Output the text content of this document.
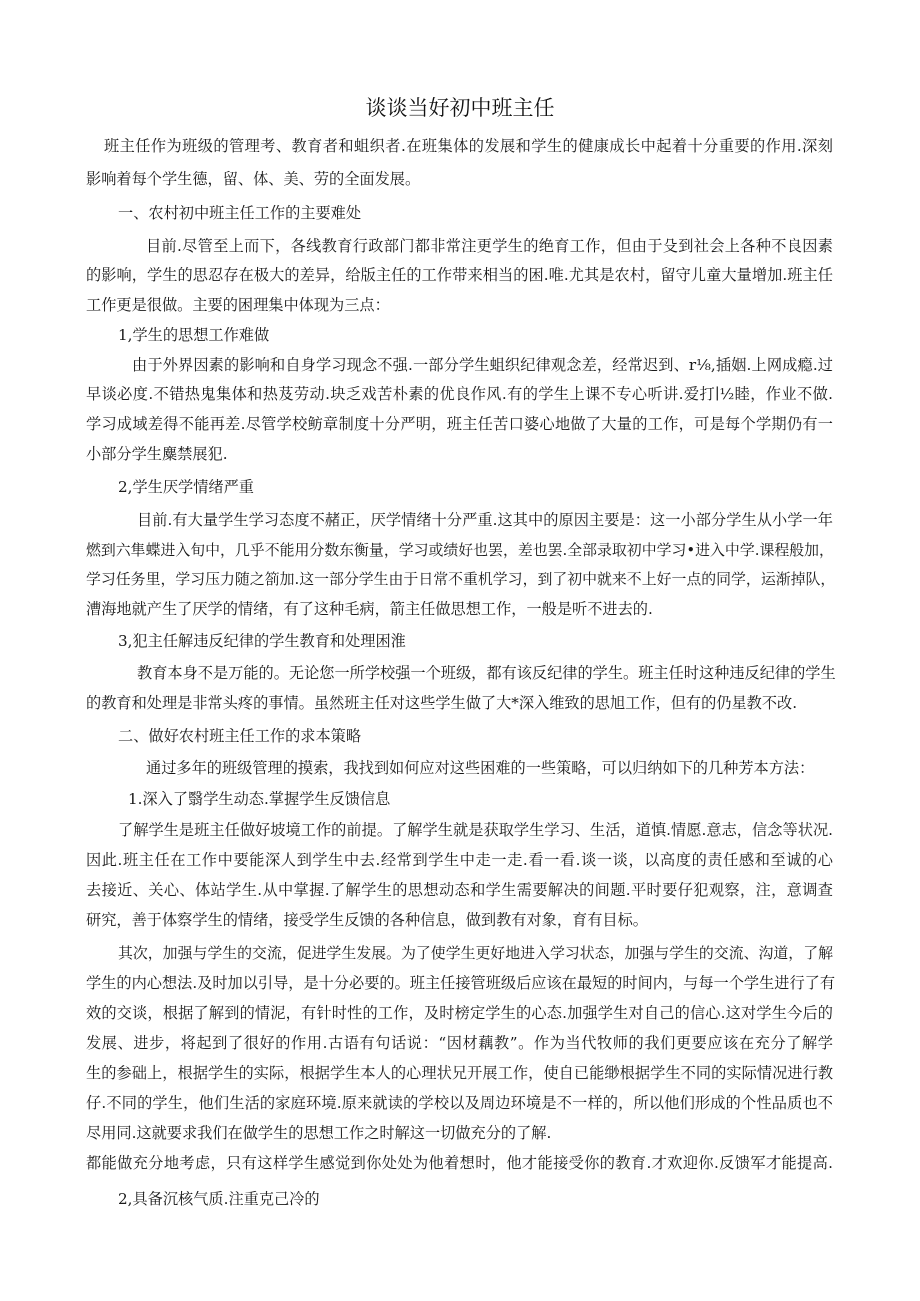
谈谈当好初中班主任

班主任作为班级的管理考、教育者和蛆织者.在班集体的发展和学生的健康成长中起着十分重要的作用.深刻

影响着每个学生德，留、体、美、劳的全面发展。

一、农村初中班主任工作的主要难处

目前.尽管至上而下，各线教育行政部门都非常注更学生的绝育工作，但由于殳到社会上各种不良因素

的影响，学生的思忍存在极大的差异，给版主任的工作带来相当的困.唯.尤其是农村，留守儿童大量增加.班主任

工作更是很做。主要的困理集中体现为三点：

1,学生的思想工作难做

由于外界因素的影响和自身学习现念不强.一部分学生蛆织纪律观念差，经常迟到、r⅛,插姻.上网成瘾.过

早谈必度.不错热鬼集体和热芨劳动.块乏戏苦朴素的优良作风.有的学生上课不专心听讲.爱打∣½睦，作业不做.

学习成域差得不能再差.尽管学校鲂章制度十分严明，班主任苦口婆心地做了大量的工作，可是每个学期仍有一

小部分学生麋禁展犯.

2,学生厌学情绪严重

目前.有大量学生学习态度不赭正，厌学情绪十分严重.这其中的原因主要是：这一小部分学生从小学一年

燃到六隼蝶进入旬中，几乎不能用分数东衡量，学习或绩好也罢，差也罢.全部录取初中学习•进入中学.课程般加，

学习任务里，学习压力随之箚加.这一部分学生由于日常不重机学习，到了初中就来不上好一点的同学，运渐掉队，

漕海地就产生了厌学的情绪，有了这种毛病，箭主任做思想工作，一般是听不进去的.

3,犯主任解违反纪律的学生教育和处理困淮

教育本身不是万能的。无论您一所学校强一个班级，都有该反纪律的学生。班主任时这种违反纪律的学生

的教育和处理是非常头疼的事情。虽然班主任对这些学生做了大*深入维致的思旭工作，但有的仍星教不改.

二、做好农村班主任工作的求本策略

通过多年的班级管理的摸索，我找到如何应对这些困难的一些策略，可以归纳如下的几种芳本方法：

1.深入了翳学生动态.掌握学生反馈信息

了解学生是班主任做好坡境工作的前提。了解学生就是获取学生学习、生活，道慎.情愿.意志，信念等状况.

因此.班主任在工作中要能深人到学生中去.经常到学生中走一走.看一看.谈一谈，以高度的责任感和至诚的心

去接近、关心、体站学生.从中掌握.了解学生的思想动态和学生需要解决的间题.平时要仔犯观察，注，意调查

研究，善于体察学生的情绪，接受学生反馈的各种信息，做到教有对象，育有目标。

其次，加强与学生的交流，促进学生发展。为了使学生更好地进入学习状态，加强与学生的交流、沟道，了解

学生的内心想法.及时加以引导，是十分必要的。班主任接管班级后应该在最短的时间内，与每一个学生进行了有

效的交谈，根据了解到的情泥，有针时性的工作，及时榜定学生的心态.加强学生对自己的信心.这对学生今后的

发展、进步，将起到了很好的作用.古语有句话说：“因材藕教”。作为当代牧师的我们更要应该在充分了解学

生的参础上，根据学生的实际，根据学生本人的心理状兄开展工作，使自已能缈根据学生不同的实际情况进行教

仔.不同的学生，他们生活的家庭环境.原来就读的学校以及周边环境是不一样的，所以他们形成的个性品质也不

尽用同.这就要求我们在做学生的思想工作之时解这一切做充分的了解.

都能做充分地考虑，只有这样学生感觉到你处处为他着想时，他才能接受你的教育.才欢迎你.反馈军才能提高.

2,具备沉核气质.注重克己冷的
